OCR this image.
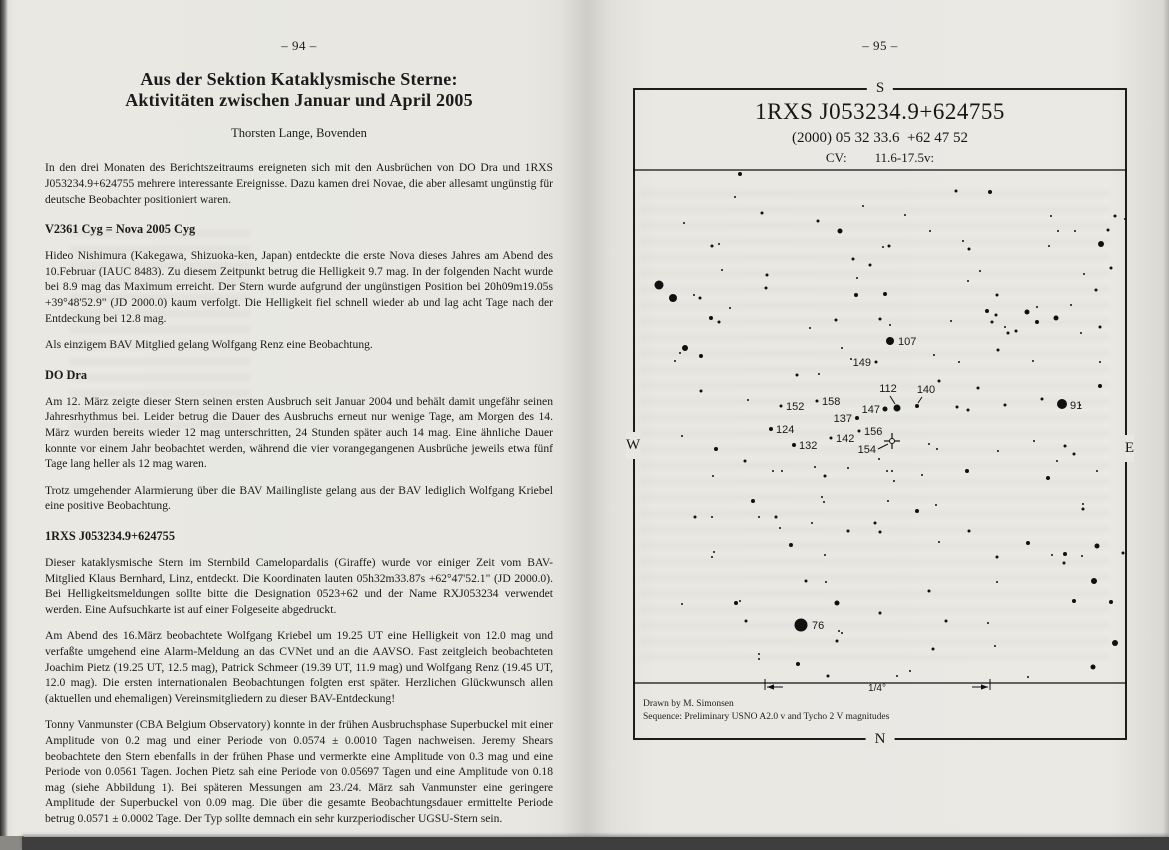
– 94 –
Aus der Sektion Kataklysmische Sterne:
Aktivitäten zwischen Januar und April 2005
Thorsten Lange, Bovenden

In den drei Monaten des Berichtszeitraums ereigneten sich mit den Ausbrüchen von DO Dra und 1RXS J053234.9+624755 mehrere interessante Ereignisse. Dazu kamen drei Novae, die aber allesamt ungünstig für deutsche Beobachter positioniert waren.

V2361 Cyg = Nova 2005 Cyg

Hideo Nishimura (Kakegawa, Shizuoka-ken, Japan) entdeckte die erste Nova dieses Jahres am Abend des 10.Februar (IAUC 8483). Zu diesem Zeitpunkt betrug die Helligkeit 9.7 mag. In der folgenden Nacht wurde bei 8.9 mag das Maximum erreicht. Der Stern wurde aufgrund der ungünstigen Position bei 20h09m19.05s +39°48'52.9" (JD 2000.0) kaum verfolgt. Die Helligkeit fiel schnell wieder ab und lag acht Tage nach der Entdeckung bei 12.8 mag.

Als einzigem BAV Mitglied gelang Wolfgang Renz eine Beobachtung.

DO Dra

Am 12. März zeigte dieser Stern seinen ersten Ausbruch seit Januar 2004 und behält damit ungefähr seinen Jahresrhythmus bei. Leider betrug die Dauer des Ausbruchs erneut nur wenige Tage, am Morgen des 14. März wurden bereits wieder 12 mag unterschritten, 24 Stunden später auch 14 mag. Eine ähnliche Dauer konnte vor einem Jahr beobachtet werden, während die vier vorangegangenen Ausbrüche jeweils etwa fünf Tage lang heller als 12 mag waren.

Trotz umgehender Alarmierung über die BAV Mailingliste gelang aus der BAV lediglich Wolfgang Kriebel eine positive Beobachtung.

1RXS J053234.9+624755

Dieser kataklysmische Stern im Sternbild Camelopardalis (Giraffe) wurde vor einiger Zeit vom BAV-Mitglied Klaus Bernhard, Linz, entdeckt. Die Koordinaten lauten 05h32m33.87s +62°47'52.1" (JD 2000.0). Bei Helligkeitsmeldungen sollte bitte die Designation 0523+62 und der Name RXJ053234 verwendet werden. Eine Aufsuchkarte ist auf einer Folgeseite abgedruckt.

Am Abend des 16.März beobachtete Wolfgang Kriebel um 19.25 UT eine Helligkeit von 12.0 mag und verfaßte umgehend eine Alarm-Meldung an das CVNet und an die AAVSO. Fast zeitgleich beobachteten Joachim Pietz (19.25 UT, 12.5 mag), Patrick Schmeer (19.39 UT, 11.9 mag) und Wolfgang Renz (19.45 UT, 12.0 mag). Die ersten internationalen Beobachtungen folgten erst später. Herzlichen Glückwunsch allen (aktuellen und ehemaligen) Vereinsmitgliedern zu dieser BAV-Entdeckung!

Tonny Vanmunster (CBA Belgium Observatory) konnte in der frühen Ausbruchsphase Superbuckel mit einer Amplitude von 0.2 mag und einer Periode von 0.0574 ± 0.0010 Tagen nachweisen. Jeremy Shears beobachtete den Stern ebenfalls in der frühen Phase und vermerkte eine Amplitude von 0.3 mag und eine Periode von 0.0561 Tagen. Jochen Pietz sah eine Periode von 0.05697 Tagen und eine Amplitude von 0.18 mag (siehe Abbildung 1). Bei späteren Messungen am 23./24. März sah Vanmunster eine geringere Amplitude der Superbuckel von 0.09 mag. Die über die gesamte Beobachtungsdauer ermittelte Periode betrug 0.0571 ± 0.0002 Tage. Der Typ sollte demnach ein sehr kurzperiodischer UGSU-Stern sein.

– 95 –
S
N
W	E
1RXS J053234.9+624755
(2000) 05 32 33.6  +62 47 52
CV: 11.6-17.5v:
107
149
112 140
158
152	147
137
124	156
142
132	154
91
76
1/4°
Drawn by M. Simonsen
Sequence: Preliminary USNO A2.0 v and Tycho 2 V magnitudes
